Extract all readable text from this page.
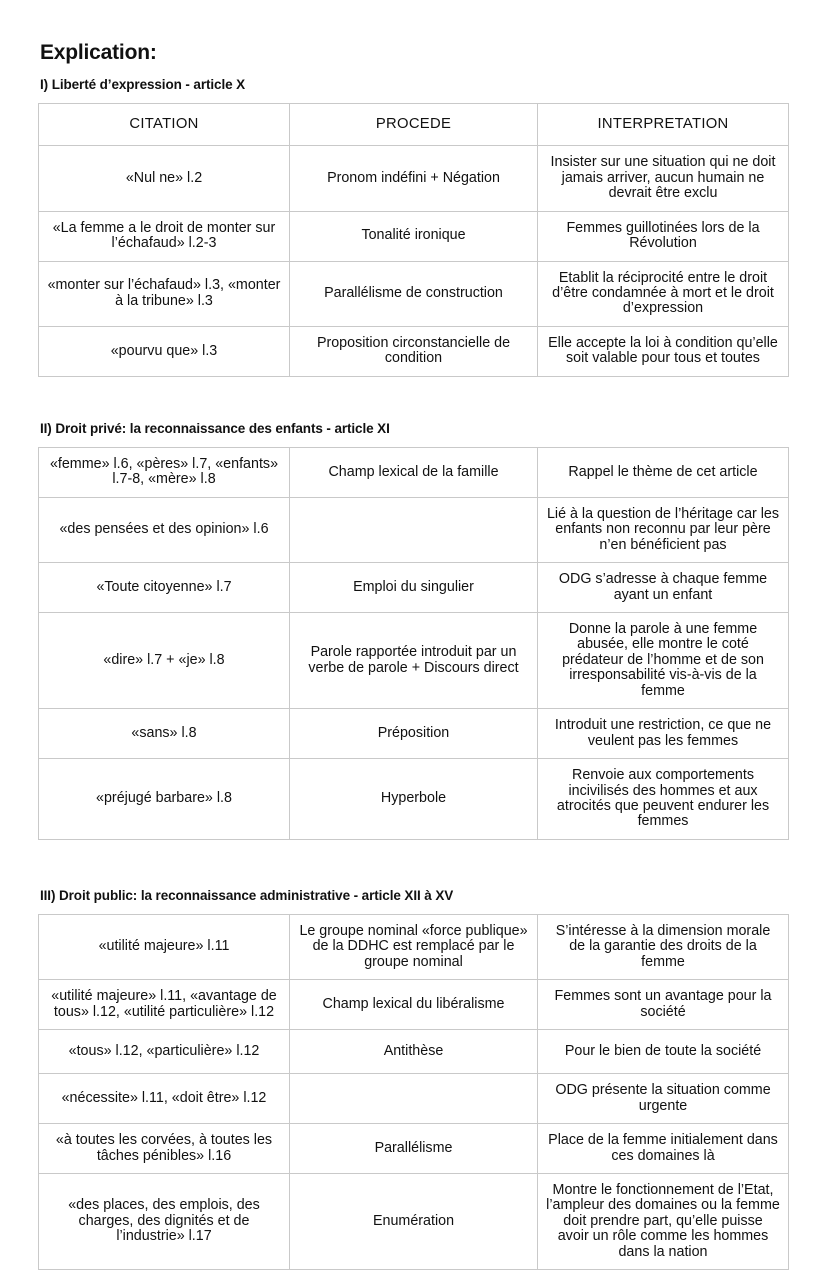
Explication:
I) Liberté d’expression - article X
CITATION	PROCEDE	INTERPRETATION
«Nul ne» l.2	Pronom indéfini + Négation	Insister sur une situation qui ne doit jamais arriver, aucun humain ne devrait être exclu
«La femme a le droit de monter sur l’échafaud» l.2-3	Tonalité ironique	Femmes guillotinées lors de la Révolution
«monter sur l’échafaud» l.3, «monter à la tribune» l.3	Parallélisme de construction	Etablit la réciprocité entre le droit d’être condamnée à mort et le droit d’expression
«pourvu que» l.3	Proposition circonstancielle de condition	Elle accepte la loi à condition qu’elle soit valable pour tous et toutes
II) Droit privé: la reconnaissance des enfants - article XI
«femme» l.6, «pères» l.7, «enfants» l.7-8, «mère» l.8	Champ lexical de la famille	Rappel le thème de cet article
«des pensées et des opinion» l.6		Lié à la question de l’héritage car les enfants non reconnu par leur père n’en bénéficient pas
«Toute citoyenne» l.7	Emploi du singulier	ODG s’adresse à chaque femme ayant un enfant
«dire» l.7 + «je» l.8	Parole rapportée introduit par un verbe de parole + Discours direct	Donne la parole à une femme abusée, elle montre le coté prédateur de l’homme et de son irresponsabilité vis-à-vis de la femme
«sans» l.8	Préposition	Introduit une restriction, ce que ne veulent pas les femmes
«préjugé barbare» l.8	Hyperbole	Renvoie aux comportements incivilisés des hommes et aux atrocités que peuvent endurer les femmes
III) Droit public: la reconnaissance administrative - article XII à XV
«utilité majeure» l.11	Le groupe nominal «force publique» de la DDHC est remplacé par le groupe nominal	S’intéresse à la dimension morale de la garantie des droits de la femme
«utilité majeure» l.11, «avantage de tous» l.12, «utilité particulière» l.12	Champ lexical du libéralisme	Femmes sont un avantage pour la société
«tous» l.12, «particulière» l.12	Antithèse	Pour le bien de toute la société
«nécessite» l.11, «doit être» l.12		ODG présente la situation comme urgente
«à toutes les corvées, à toutes les tâches pénibles» l.16	Parallélisme	Place de la femme initialement dans ces domaines là
«des places, des emplois, des charges, des dignités et de l’industrie» l.17	Enumération	Montre le fonctionnement de l’Etat, l’ampleur des domaines ou la femme doit prendre part, qu’elle puisse avoir un rôle comme les hommes dans la nation
